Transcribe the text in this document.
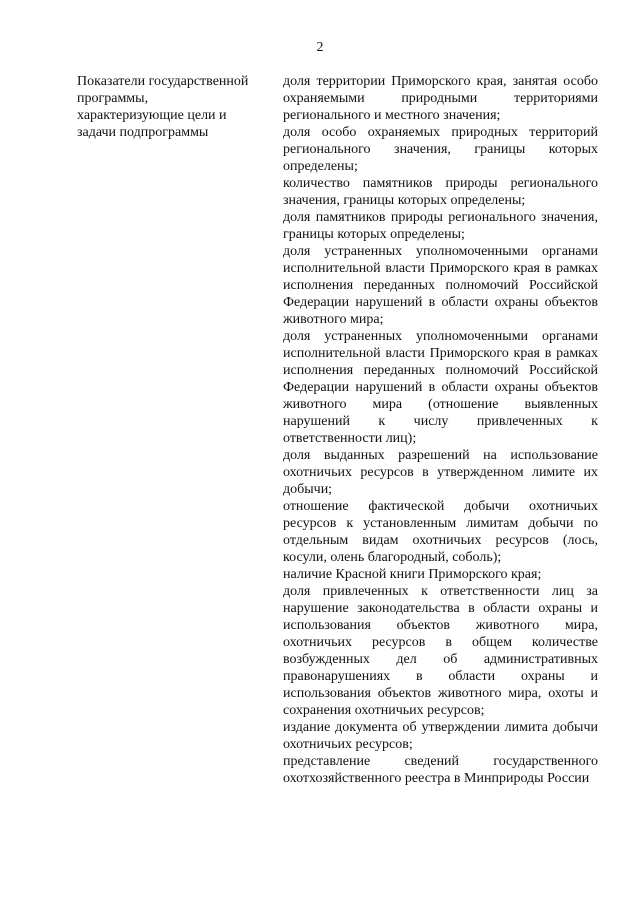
2
Показатели государственной
программы,
характеризующие цели и
задачи подпрограммы

доля территории Приморского края, занятая особо охраняемыми природными территориями регионального и местного значения;

доля особо охраняемых природных территорий регионального значения, границы которых определены;

количество памятников природы регионального значения, границы которых определены;

доля памятников природы регионального значения, границы которых определены;

доля устраненных уполномоченными органами исполнительной власти Приморского края в рамках исполнения переданных полномочий Российской Федерации нарушений в области охраны объектов животного мира;

доля устраненных уполномоченными органами исполнительной власти Приморского края в рамках исполнения переданных полномочий Российской Федерации нарушений в области охраны объектов животного мира (отношение выявленных нарушений к числу привлеченных к ответственности лиц);

доля выданных разрешений на использование охотничьих ресурсов в утвержденном лимите их добычи;

отношение фактической добычи охотничьих ресурсов к установленным лимитам добычи по отдельным видам охотничьих ресурсов (лось, косули, олень благородный, соболь);

наличие Красной книги Приморского края;

доля привлеченных к ответственности лиц за нарушение законодательства в области охраны и использования объектов животного мира, охотничьих ресурсов в общем количестве возбужденных дел об административных правонарушениях в области охраны и использования объектов животного мира, охоты и сохранения охотничьих ресурсов;

издание документа об утверждении лимита добычи охотничьих ресурсов;

представление сведений государственного охотхозяйственного реестра в Минприроды России
